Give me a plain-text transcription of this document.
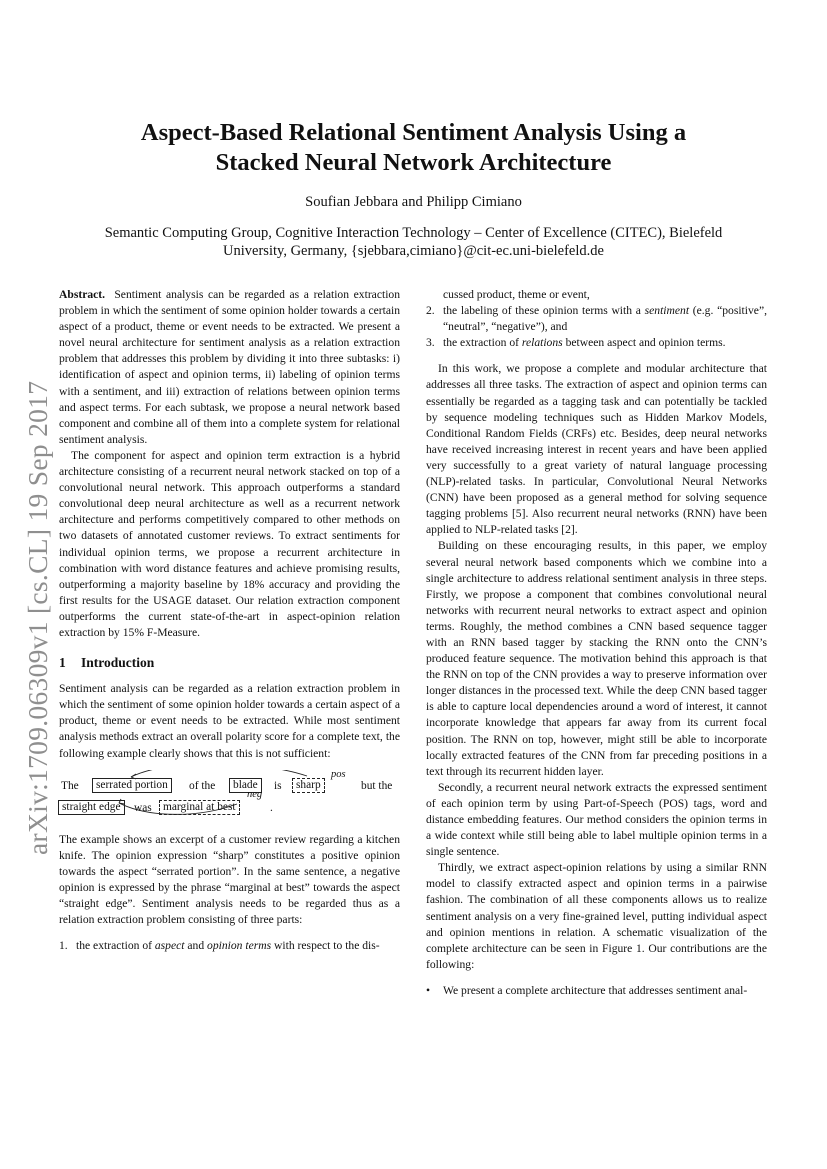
arXiv:1709.06309v1 [cs.CL] 19 Sep 2017
Aspect-Based Relational Sentiment Analysis Using a
Stacked Neural Network Architecture
Soufian Jebbara and Philipp Cimiano
Semantic Computing Group, Cognitive Interaction Technology – Center of Excellence (CITEC), Bielefeld
University, Germany, {sjebbara,cimiano}@cit-ec.uni-bielefeld.de

Abstract. Sentiment analysis can be regarded as a relation extraction problem in which the sentiment of some opinion holder towards a certain aspect of a product, theme or event needs to be extracted. We present a novel neural architecture for sentiment analysis as a relation extraction problem that addresses this problem by dividing it into three subtasks: i) identification of aspect and opinion terms, ii) labeling of opinion terms with a sentiment, and iii) extraction of relations between opinion terms and aspect terms. For each subtask, we propose a neural network based component and combine all of them into a complete system for relational sentiment analysis.

The component for aspect and opinion term extraction is a hybrid architecture consisting of a recurrent neural network stacked on top of a convolutional neural network. This approach outperforms a standard convolutional deep neural architecture as well as a recurrent network architecture and performs competitively compared to other methods on two datasets of annotated customer reviews. To extract sentiments for individual opinion terms, we propose a recurrent architecture in combination with word distance features and achieve promising results, outperforming a majority baseline by 18% accuracy and providing the first results for the USAGE dataset. Our relation extraction component outperforms the current state-of-the-art in aspect-opinion relation extraction by 15% F-Measure.

1 Introduction

Sentiment analysis can be regarded as a relation extraction problem in which the sentiment of some opinion holder towards a certain aspect of a product, theme or event needs to be extracted. While most sentiment analysis methods extract an overall polarity score for a complete text, the following example clearly shows that this is not sufficient:

The	serrated portion	of the	blade	is	sharp
pos
but the
straight edge	was marginal at best
neg
.

The example shows an excerpt of a customer review regarding a kitchen knife. The opinion expression “sharp” constitutes a positive opinion towards the aspect “serrated portion”. In the same sentence, a negative opinion is expressed by the phrase “marginal at best” towards the aspect “straight edge”. Sentiment analysis needs to be regarded thus as a relation extraction problem consisting of three parts:

1. the extraction of aspect and opinion terms with respect to the dis-
cussed product, theme or event,
2. the labeling of these opinion terms with a sentiment (e.g. “positive”, “neutral”, “negative”), and
3. the extraction of relations between aspect and opinion terms.

In this work, we propose a complete and modular architecture that addresses all three tasks. The extraction of aspect and opinion terms can essentially be regarded as a tagging task and can potentially be tackled by sequence modeling techniques such as Hidden Markov Models, Conditional Random Fields (CRFs) etc. Besides, deep neural networks have received increasing interest in recent years and have been applied very successfully to a great variety of natural language processing (NLP)-related tasks. In particular, Convolutional Neural Networks (CNN) have been proposed as a general method for solving sequence tagging problems [5]. Also recurrent neural networks (RNN) have been applied to NLP-related tasks [2].

Building on these encouraging results, in this paper, we employ several neural network based components which we combine into a single architecture to address relational sentiment analysis in three steps. Firstly, we propose a component that combines convolutional neural networks with recurrent neural networks to extract aspect and opinion terms. Roughly, the method combines a CNN based sequence tagger with an RNN based tagger by stacking the RNN onto the CNN’s produced feature sequence. The motivation behind this approach is that the RNN on top of the CNN provides a way to preserve information over longer distances in the processed text. While the deep CNN based tagger is able to capture local dependencies around a word of interest, it cannot incorporate knowledge that appears far away from its current focal position. The RNN on top, however, might still be able to incorporate locally extracted features of the CNN from far preceding positions in a text through its recurrent hidden layer.

Secondly, a recurrent neural network extracts the expressed sentiment of each opinion term by using Part-of-Speech (POS) tags, word and distance embedding features. Our method considers the opinion terms in a wide context while still being able to label multiple opinion terms in a single sentence.

Thirdly, we extract aspect-opinion relations by using a similar RNN model to classify extracted aspect and opinion terms in a pairwise fashion. The combination of all these components allows us to realize sentiment analysis on a very fine-grained level, putting individual aspect and opinion mentions in relation. A schematic visualization of the complete architecture can be seen in Figure 1. Our contributions are the following:

• We present a complete architecture that addresses sentiment anal-
